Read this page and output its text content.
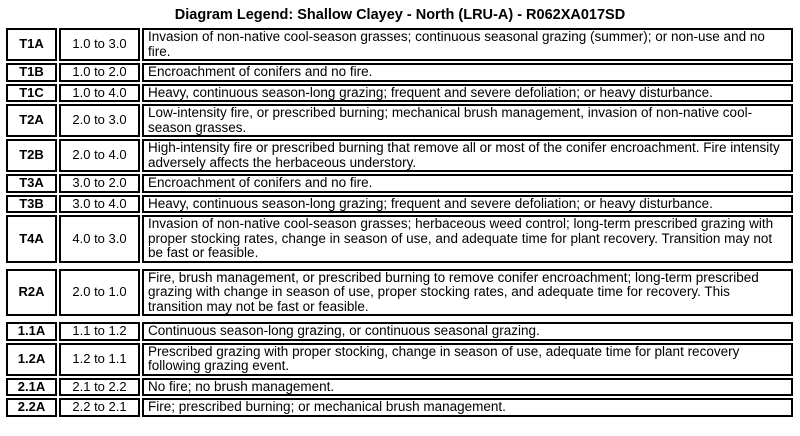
Diagram Legend: Shallow Clayey - North (LRU-A) - R062XA017SD
T1A	1.0 to 3.0	Invasion of non-native cool-season grasses; continuous seasonal grazing (summer); or non-use and no fire.
T1B	1.0 to 2.0	Encroachment of conifers and no fire.
T1C	1.0 to 4.0	Heavy, continuous season-long grazing; frequent and severe defoliation; or heavy disturbance.
T2A	2.0 to 3.0	Low-intensity fire, or prescribed burning; mechanical brush management, invasion of non-native cool-season grasses.
T2B	2.0 to 4.0	High-intensity fire or prescribed burning that remove all or most of the conifer encroachment. Fire intensity adversely affects the herbaceous understory.
T3A	3.0 to 2.0	Encroachment of conifers and no fire.
T3B	3.0 to 4.0	Heavy, continuous season-long grazing; frequent and severe defoliation; or heavy disturbance.
T4A	4.0 to 3.0	Invasion of non-native cool-season grasses; herbaceous weed control; long-term prescribed grazing with proper stocking rates, change in season of use, and adequate time for plant recovery. Transition may not be fast or feasible.
R2A	2.0 to 1.0	Fire, brush management, or prescribed burning to remove conifer encroachment; long-term prescribed grazing with change in season of use, proper stocking rates, and adequate time for recovery. This transition may not be fast or feasible.
1.1A	1.1 to 1.2	Continuous season-long grazing, or continuous seasonal grazing.
1.2A	1.2 to 1.1	Prescribed grazing with proper stocking, change in season of use, adequate time for plant recovery following grazing event.
2.1A	2.1 to 2.2	No fire; no brush management.
2.2A	2.2 to 2.1	Fire; prescribed burning; or mechanical brush management.
